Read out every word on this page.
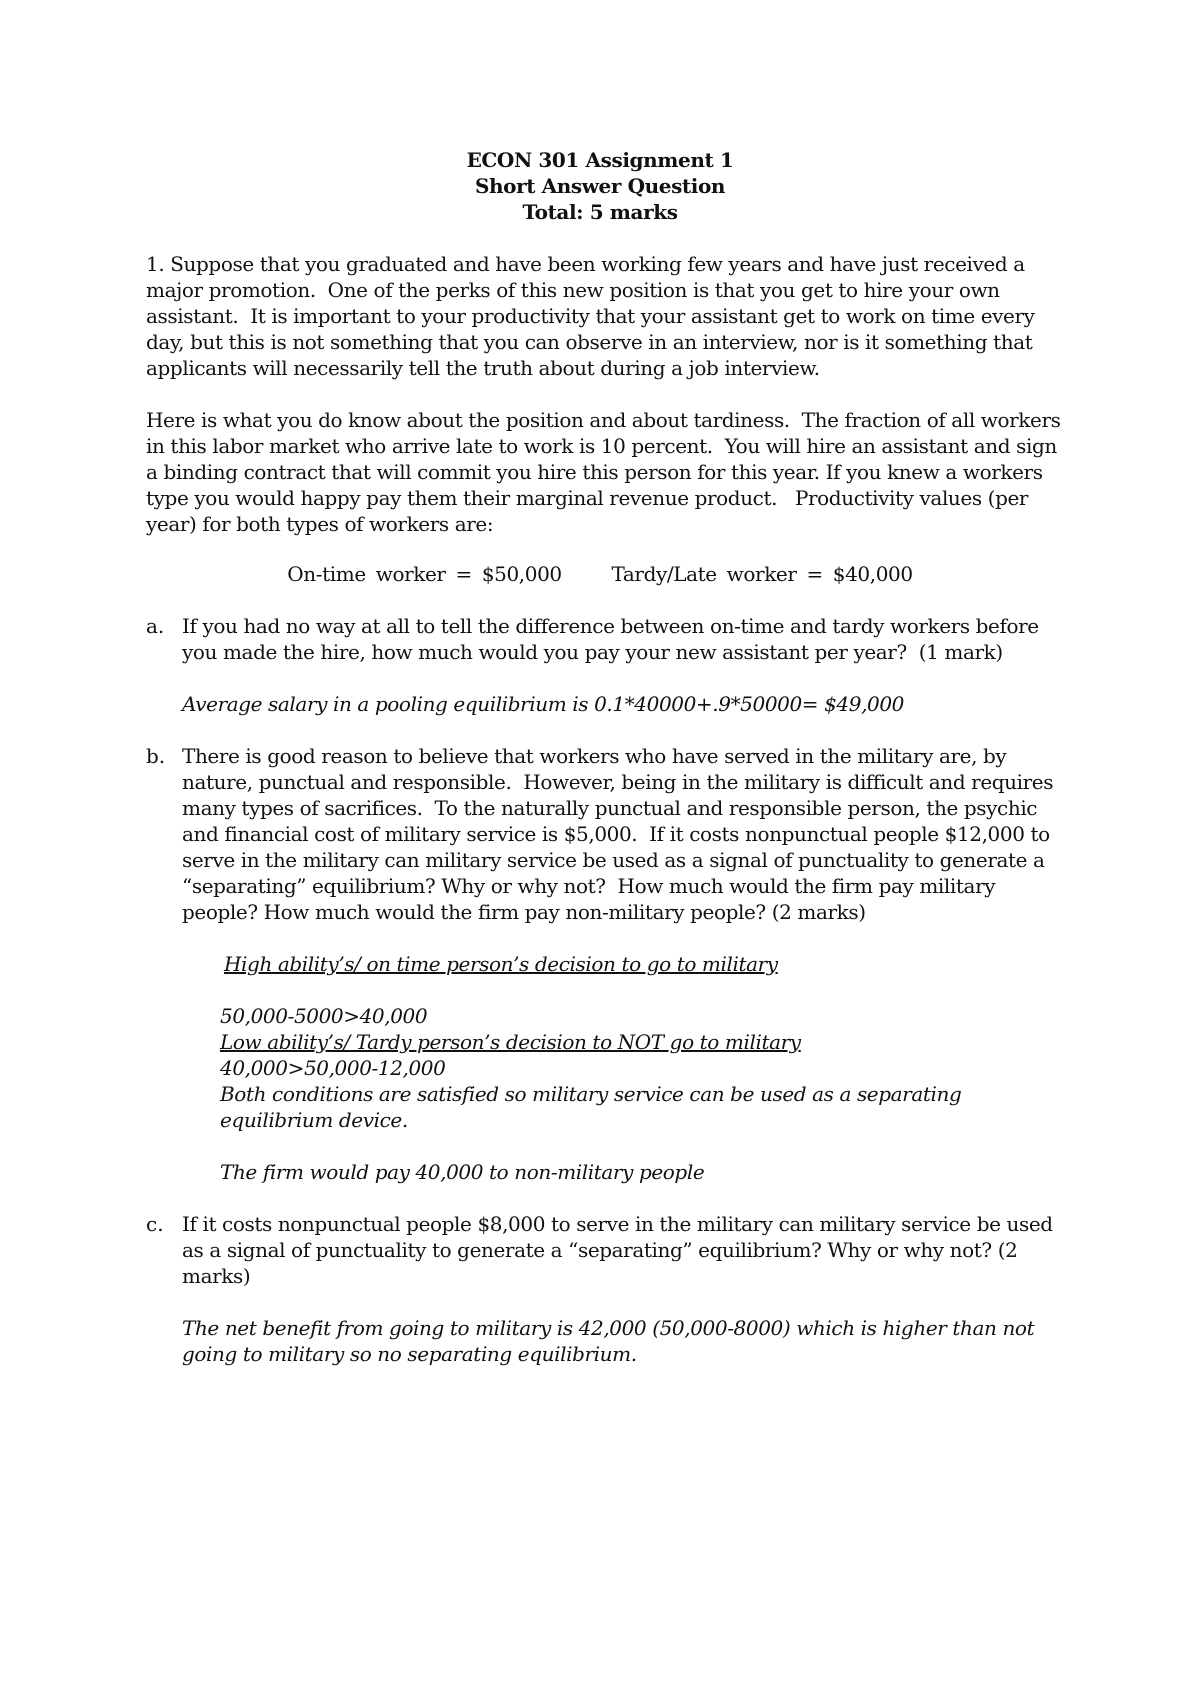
ECON 301 Assignment 1
Short Answer Question
Total: 5 marks
1. Suppose that you graduated and have been working few years and have just received a
major promotion.  One of the perks of this new position is that you get to hire your own
assistant.  It is important to your productivity that your assistant get to work on time every
day, but this is not something that you can observe in an interview, nor is it something that
applicants will necessarily tell the truth about during a job interview.
Here is what you do know about the position and about tardiness.  The fraction of all workers
in this labor market who arrive late to work is 10 percent.  You will hire an assistant and sign
a binding contract that will commit you hire this person for this year. If you knew a workers
type you would happy pay them their marginal revenue product.   Productivity values (per
year) for both types of workers are:
On-time worker = $50,000     Tardy/Late worker = $40,000
a. If you had no way at all to tell the difference between on-time and tardy workers before
you made the hire, how much would you pay your new assistant per year?  (1 mark)
Average salary in a pooling equilibrium is 0.1*40000+.9*50000= $49,000
b. There is good reason to believe that workers who have served in the military are, by
nature, punctual and responsible.  However, being in the military is difficult and requires
many types of sacrifices.  To the naturally punctual and responsible person, the psychic
and financial cost of military service is $5,000.  If it costs nonpunctual people $12,000 to
serve in the military can military service be used as a signal of punctuality to generate a
“separating” equilibrium? Why or why not?  How much would the firm pay military
people? How much would the firm pay non-military people? (2 marks)
High ability’s/ on time person’s decision to go to military
50,000-5000>40,000
Low ability’s/ Tardy person’s decision to NOT go to military
40,000>50,000-12,000
Both conditions are satisfied so military service can be used as a separating
equilibrium device.
The firm would pay 40,000 to non-military people
c. If it costs nonpunctual people $8,000 to serve in the military can military service be used
as a signal of punctuality to generate a “separating” equilibrium? Why or why not? (2
marks)
The net benefit from going to military is 42,000 (50,000-8000) which is higher than not
going to military so no separating equilibrium.
